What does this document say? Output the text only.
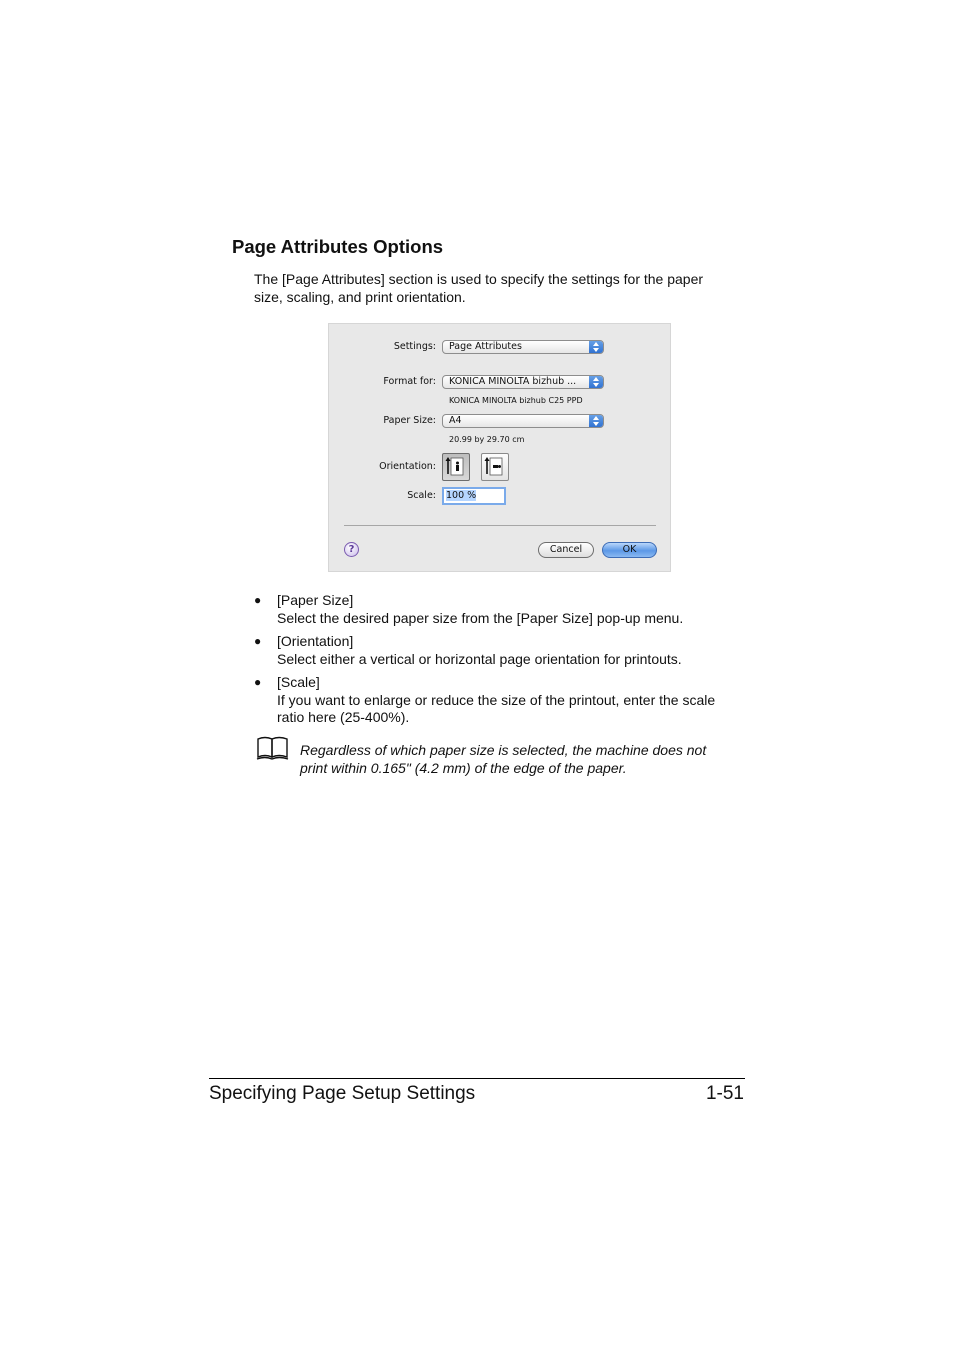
Page Attributes Options

The [Page Attributes] section is used to specify the settings for the paper

size, scaling, and print orientation.

Settings:	Page Attributes
Format for:	KONICA MINOLTA bizhub ...
KONICA MINOLTA bizhub C25 PPD
Paper Size:	A4
20.99 by 29.70 cm
Orientation:
Scale:	100 %
?	Cancel	OK
● [Paper Size]
Select the desired paper size from the [Paper Size] pop-up menu.
● [Orientation]
Select either a vertical or horizontal page orientation for printouts.
● [Scale]
If you want to enlarge or reduce the size of the printout, enter the scale
ratio here (25-400%).
Regardless of which paper size is selected, the machine does not
print within 0.165" (4.2 mm) of the edge of the paper.
Specifying Page Setup Settings	1-51
